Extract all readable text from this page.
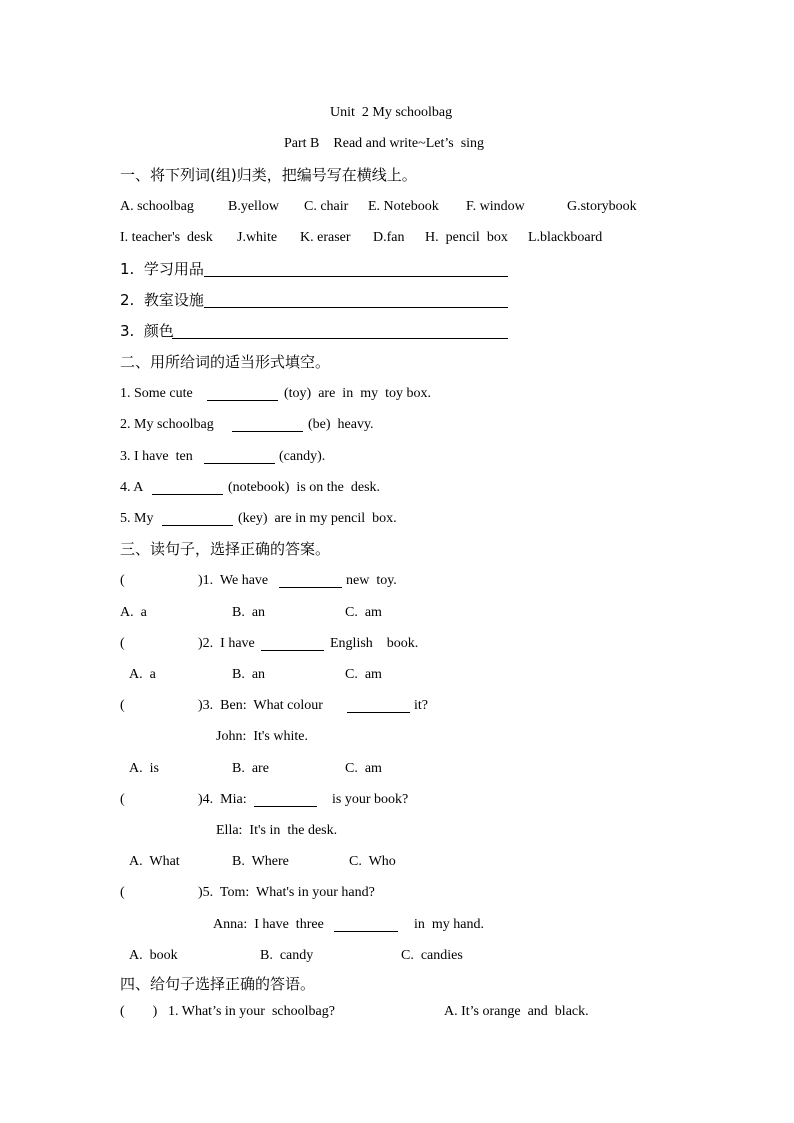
Unit  2 My schoolbag
Part B    Read and write~Let’s  sing
一、将下列词(组)归类，把编号写在横线上。
A. schoolbag B.yellow C. chair E. Notebook F. window	G.storybook
I. teacher's  desk J.white K. eraser D.fan H.  pencil  box L.blackboard
1.  学习用品
2.  教室设施
3.  颜色
二、用所给词的适当形式填空。
1. Some cute	(toy)  are  in  my  toy box.
2. My schoolbag	(be)  heavy.
3. I have  ten	(candy).
4. A	(notebook)  is on the  desk.
5. My	(key)  are in my pencil  box.
三、读句子，选择正确的答案。
(	)1.  We have	new  toy.
A.  a	B.  an	C.  am
(	)2.  I have	English    book.
A.  a	B.  an	C.  am
(	)3.  Ben:  What colour	it?
John:  It's white.
A.  is	B.  are	C.  am
(	)4.  Mia:	is your book?
Ella:  It's in  the desk.
A.  What	B.  Where	C.  Who
(	)5.  Tom:  What's in your hand?
Anna:  I have  three	in  my hand.
A.  book	B.  candy	C.  candies
四、给句子选择正确的答语。
(        ) 1. What’s in your  schoolbag?	A. It’s orange  and  black.
